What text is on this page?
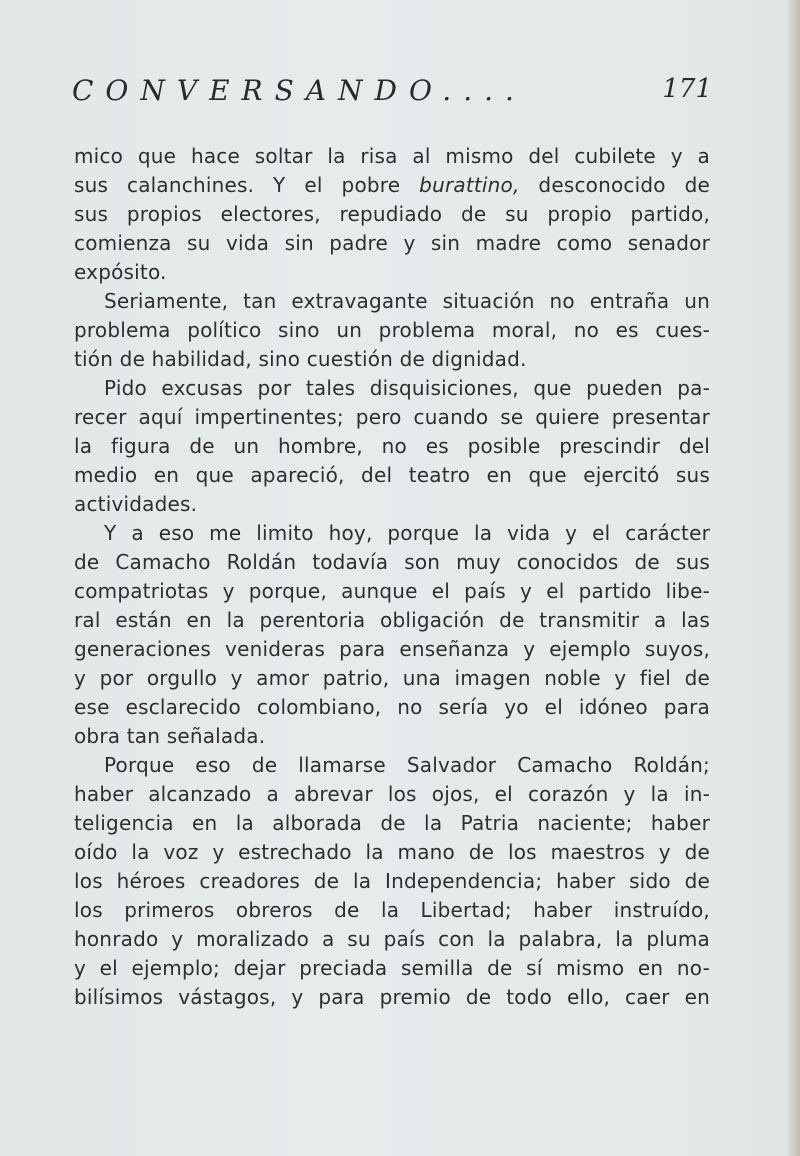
CONVERSANDO....	171
mico que hace soltar la risa al mismo del cubilete y a
sus calanchines. Y el pobre burattino, desconocido de
sus propios electores, repudiado de su propio partido,
comienza su vida sin padre y sin madre como senador
expósito.
Seriamente, tan extravagante situación no entraña un
problema político sino un problema moral, no es cues-
tión de habilidad, sino cuestión de dignidad.
Pido excusas por tales disquisiciones, que pueden pa-
recer aquí impertinentes; pero cuando se quiere presentar
la figura de un hombre, no es posible prescindir del
medio en que apareció, del teatro en que ejercitó sus
actividades.
Y a eso me limito hoy, porque la vida y el carácter
de Camacho Roldán todavía son muy conocidos de sus
compatriotas y porque, aunque el país y el partido libe-
ral están en la perentoria obligación de transmitir a las
generaciones venideras para enseñanza y ejemplo suyos,
y por orgullo y amor patrio, una imagen noble y fiel de
ese esclarecido colombiano, no sería yo el idóneo para
obra tan señalada.
Porque eso de llamarse Salvador Camacho Roldán;
haber alcanzado a abrevar los ojos, el corazón y la in-
teligencia en la alborada de la Patria naciente; haber
oído la voz y estrechado la mano de los maestros y de
los héroes creadores de la Independencia; haber sido de
los primeros obreros de la Libertad; haber instruído,
honrado y moralizado a su país con la palabra, la pluma
y el ejemplo; dejar preciada semilla de sí mismo en no-
bilísimos vástagos, y para premio de todo ello, caer en
